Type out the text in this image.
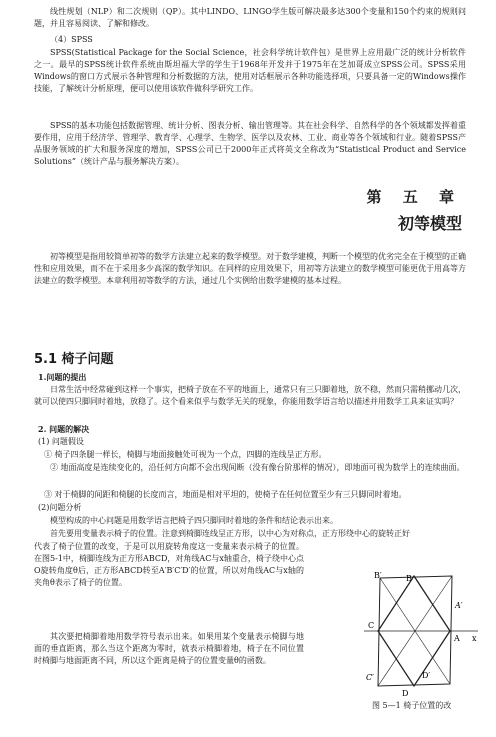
线性规划（NLP）和二次规则（QP）。其中LINDO、LINGO学生版可解决最多达300个变量和150个约束的规则问题，并且容易阅读、了解和修改。

（4）SPSS

SPSS(Statistical Package for the Social Science，社会科学统计软件包）是世界上应用最广泛的统计分析软件之一。最早的SPSS统计软件系统由斯坦福大学的学生于1968年开发并于1975年在芝加哥成立SPSS公司。SPSS采用Windows的窗口方式展示各种管理和分析数据的方法，使用对话框展示各种功能选择项，只要具备一定的Windows操作技能，了解统计分析原理，便可以使用该软件做科学研究工作。

SPSS的基本功能包括数据管理、统计分析、图表分析、输出管理等。其在社会科学、自然科学的各个领域都发挥着重要作用，应用于经济学、管理学、教育学、心理学、生物学、医学以及农林、工业、商业等各个领域和行业。随着SPSS产品服务领域的扩大和服务深度的增加，SPSS公司已于2000年正式将英文全称改为“Statistical Product and Service Solutions”（统计产品与服务解决方案）。

第 五 章
初等模型

初等模型是指用较简单初等的数学方法建立起来的数学模型。对于数学建模，判断一个模型的优劣完全在于模型的正确性和应用效果，而不在于采用多少高深的数学知识。在同样的应用效果下，用初等方法建立的数学模型可能更优于用高等方法建立的数学模型。本章利用初等数学的方法，通过几个实例给出数学建模的基本过程。

5.1 椅子问题

1.问题的提出

日常生活中经常碰到这样一个事实，把椅子放在不平的地面上，通常只有三只脚着地，放不稳，然而只需稍挪动几次，就可以使四只脚同时着地，放稳了。这个看来似乎与数学无关的现象，你能用数学语言给以描述并用数学工具来证实吗？

2. 问题的解决

(1) 问题假设

① 椅子四条腿一样长，椅脚与地面接触处可视为一个点，四脚的连线呈正方形。

② 地面高度是连续变化的，沿任何方向都不会出现间断（没有像台阶那样的情况），即地面可视为数学上的连续曲面。

③ 对于椅脚的间距和椅腿的长度而言，地面是相对平坦的，使椅子在任何位置至少有三只脚同时着地。

(2)问题分析

模型构成的中心问题是用数学语言把椅子四只脚同时着地的条件和结论表示出来。

首先要用变量表示椅子的位置。注意到椅脚连线呈正方形，以中心为对称点，正方形绕中心的旋转正好

代表了椅子位置的改变，于是可以用旋转角度这一变量来表示椅子的位置。在图5-1中，椅脚连线为正方形ABCD，对角线AC与x轴重合，椅子绕中心点O旋转角度θ后，正方形ABCD转至A′B′C′D′的位置，所以对角线AC与x轴的夹角θ表示了椅子的位置。

其次要把椅脚着地用数学符号表示出来。如果用某个变量表示椅脚与地面的垂直距离，那么当这个距离为零时，就表示椅脚着地，椅子在不同位置时椅脚与地面距离不同，所以这个距离是椅子的位置变量θ的函数。

B′	B
A′
A x
C
C′	D′
D
图 5—1 椅子位置的改
